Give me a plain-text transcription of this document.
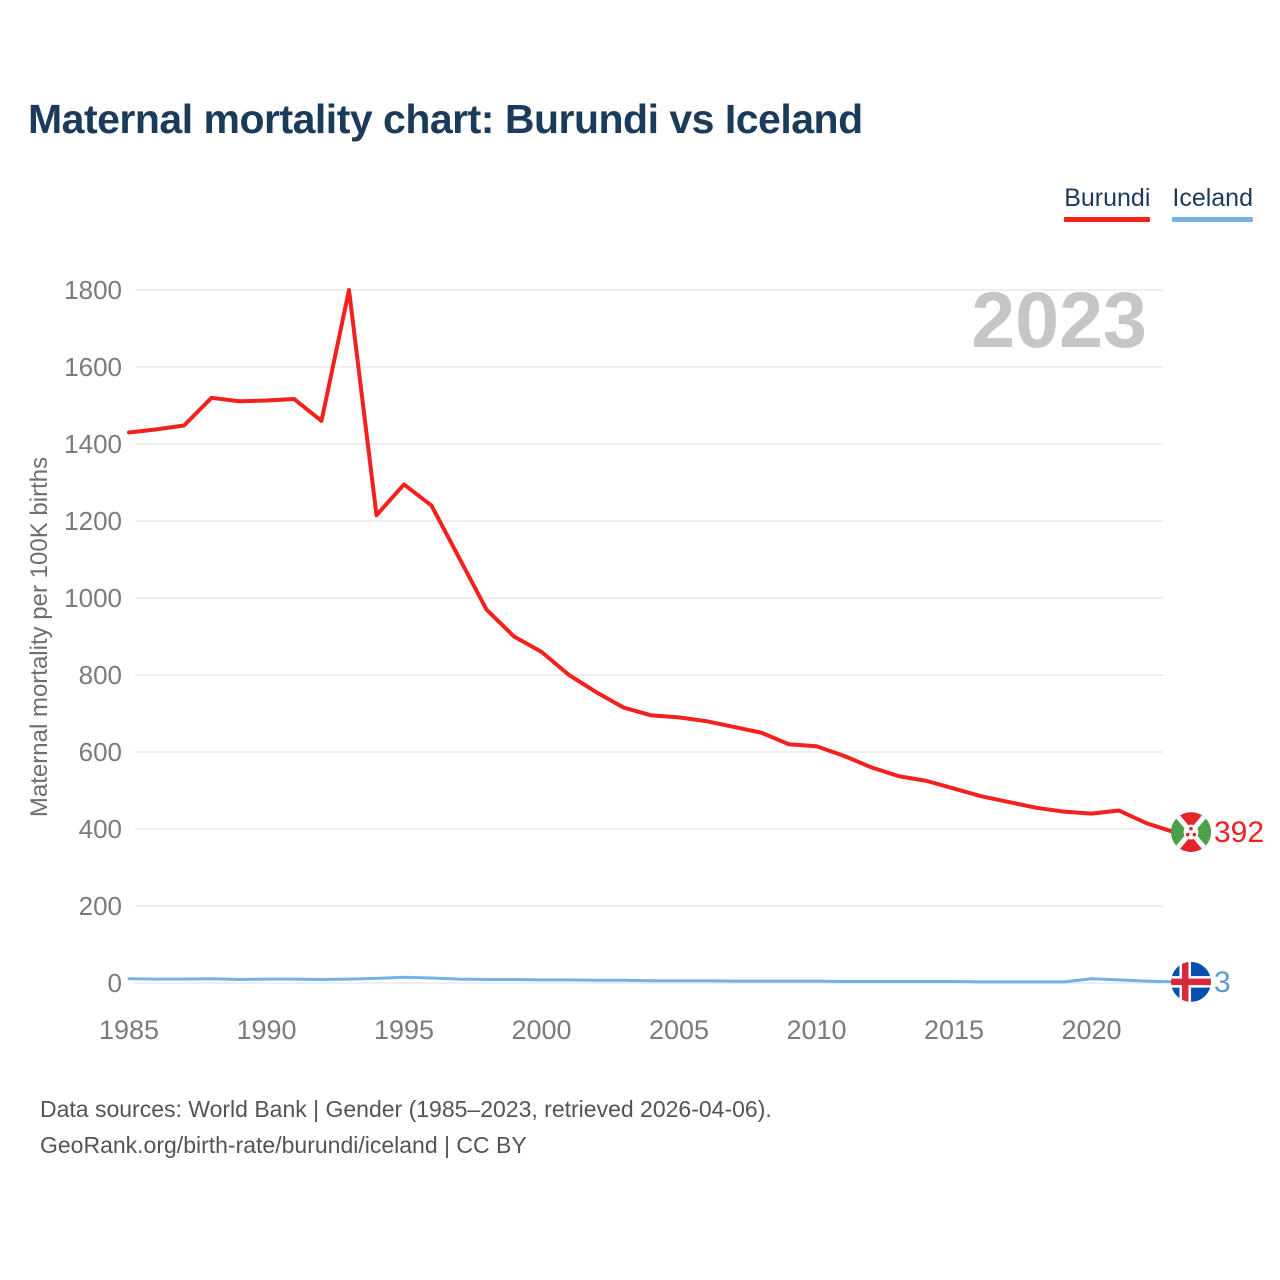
Maternal mortality chart: Burundi vs Iceland
Burundi Iceland
2023
0
200
400
600
800
1000
1200
1400
1600
1800
1985	1990	1995	2000	2005	2010	2015	2020
Maternal mortality per 100K births
392
3
Data sources: World Bank | Gender (1985–2023, retrieved 2026-04-06).
GeoRank.org/birth-rate/burundi/iceland | CC BY
